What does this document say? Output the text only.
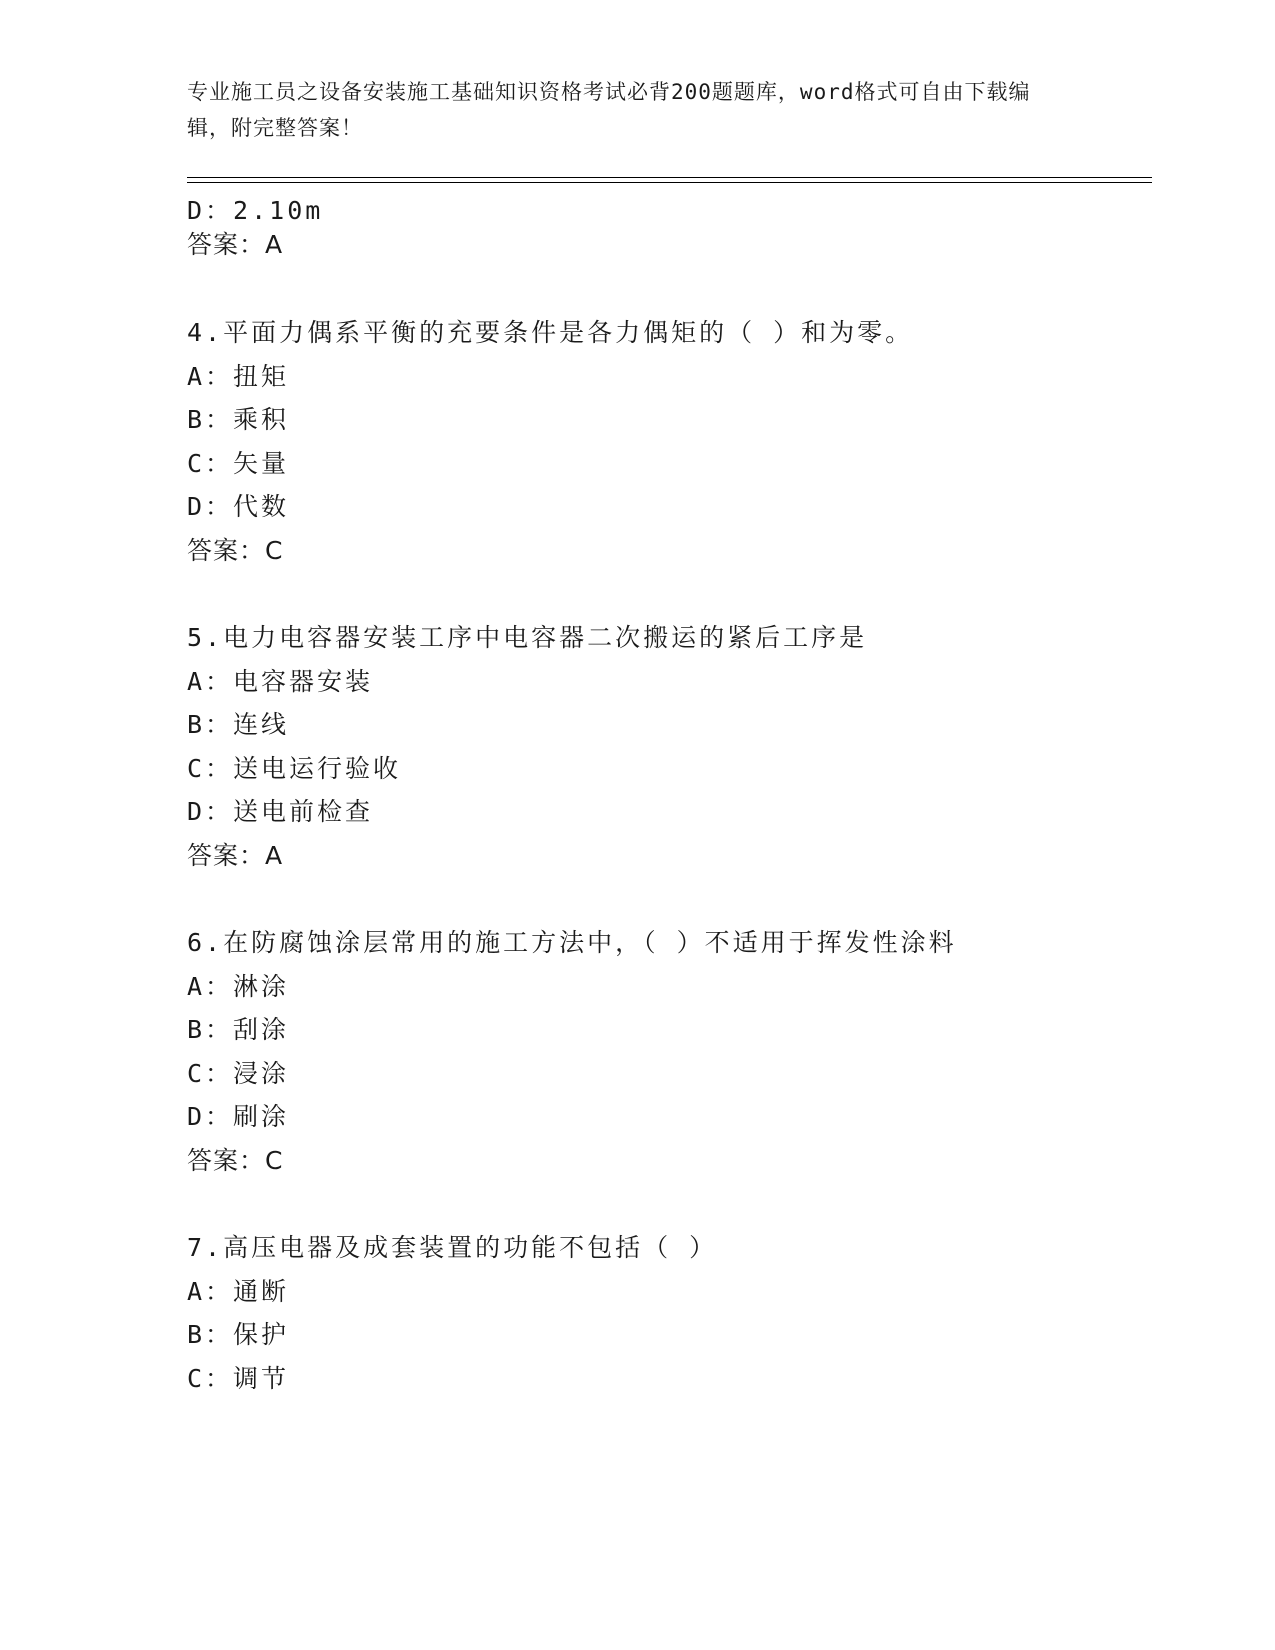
专业施工员之设备安装施工基础知识资格考试必背200题题库，word格式可自由下载编辑，附完整答案！
D：2.10m
答案：A
4.平面力偶系平衡的充要条件是各力偶矩的（ ）和为零。
A：扭矩
B：乘积
C：矢量
D：代数
答案：C
5.电力电容器安装工序中电容器二次搬运的紧后工序是
A：电容器安装
B：连线
C：送电运行验收
D：送电前检查
答案：A
6.在防腐蚀涂层常用的施工方法中，（ ）不适用于挥发性涂料
A：淋涂
B：刮涂
C：浸涂
D：刷涂
答案：C
7.高压电器及成套装置的功能不包括（ ）
A：通断
B：保护
C：调节
